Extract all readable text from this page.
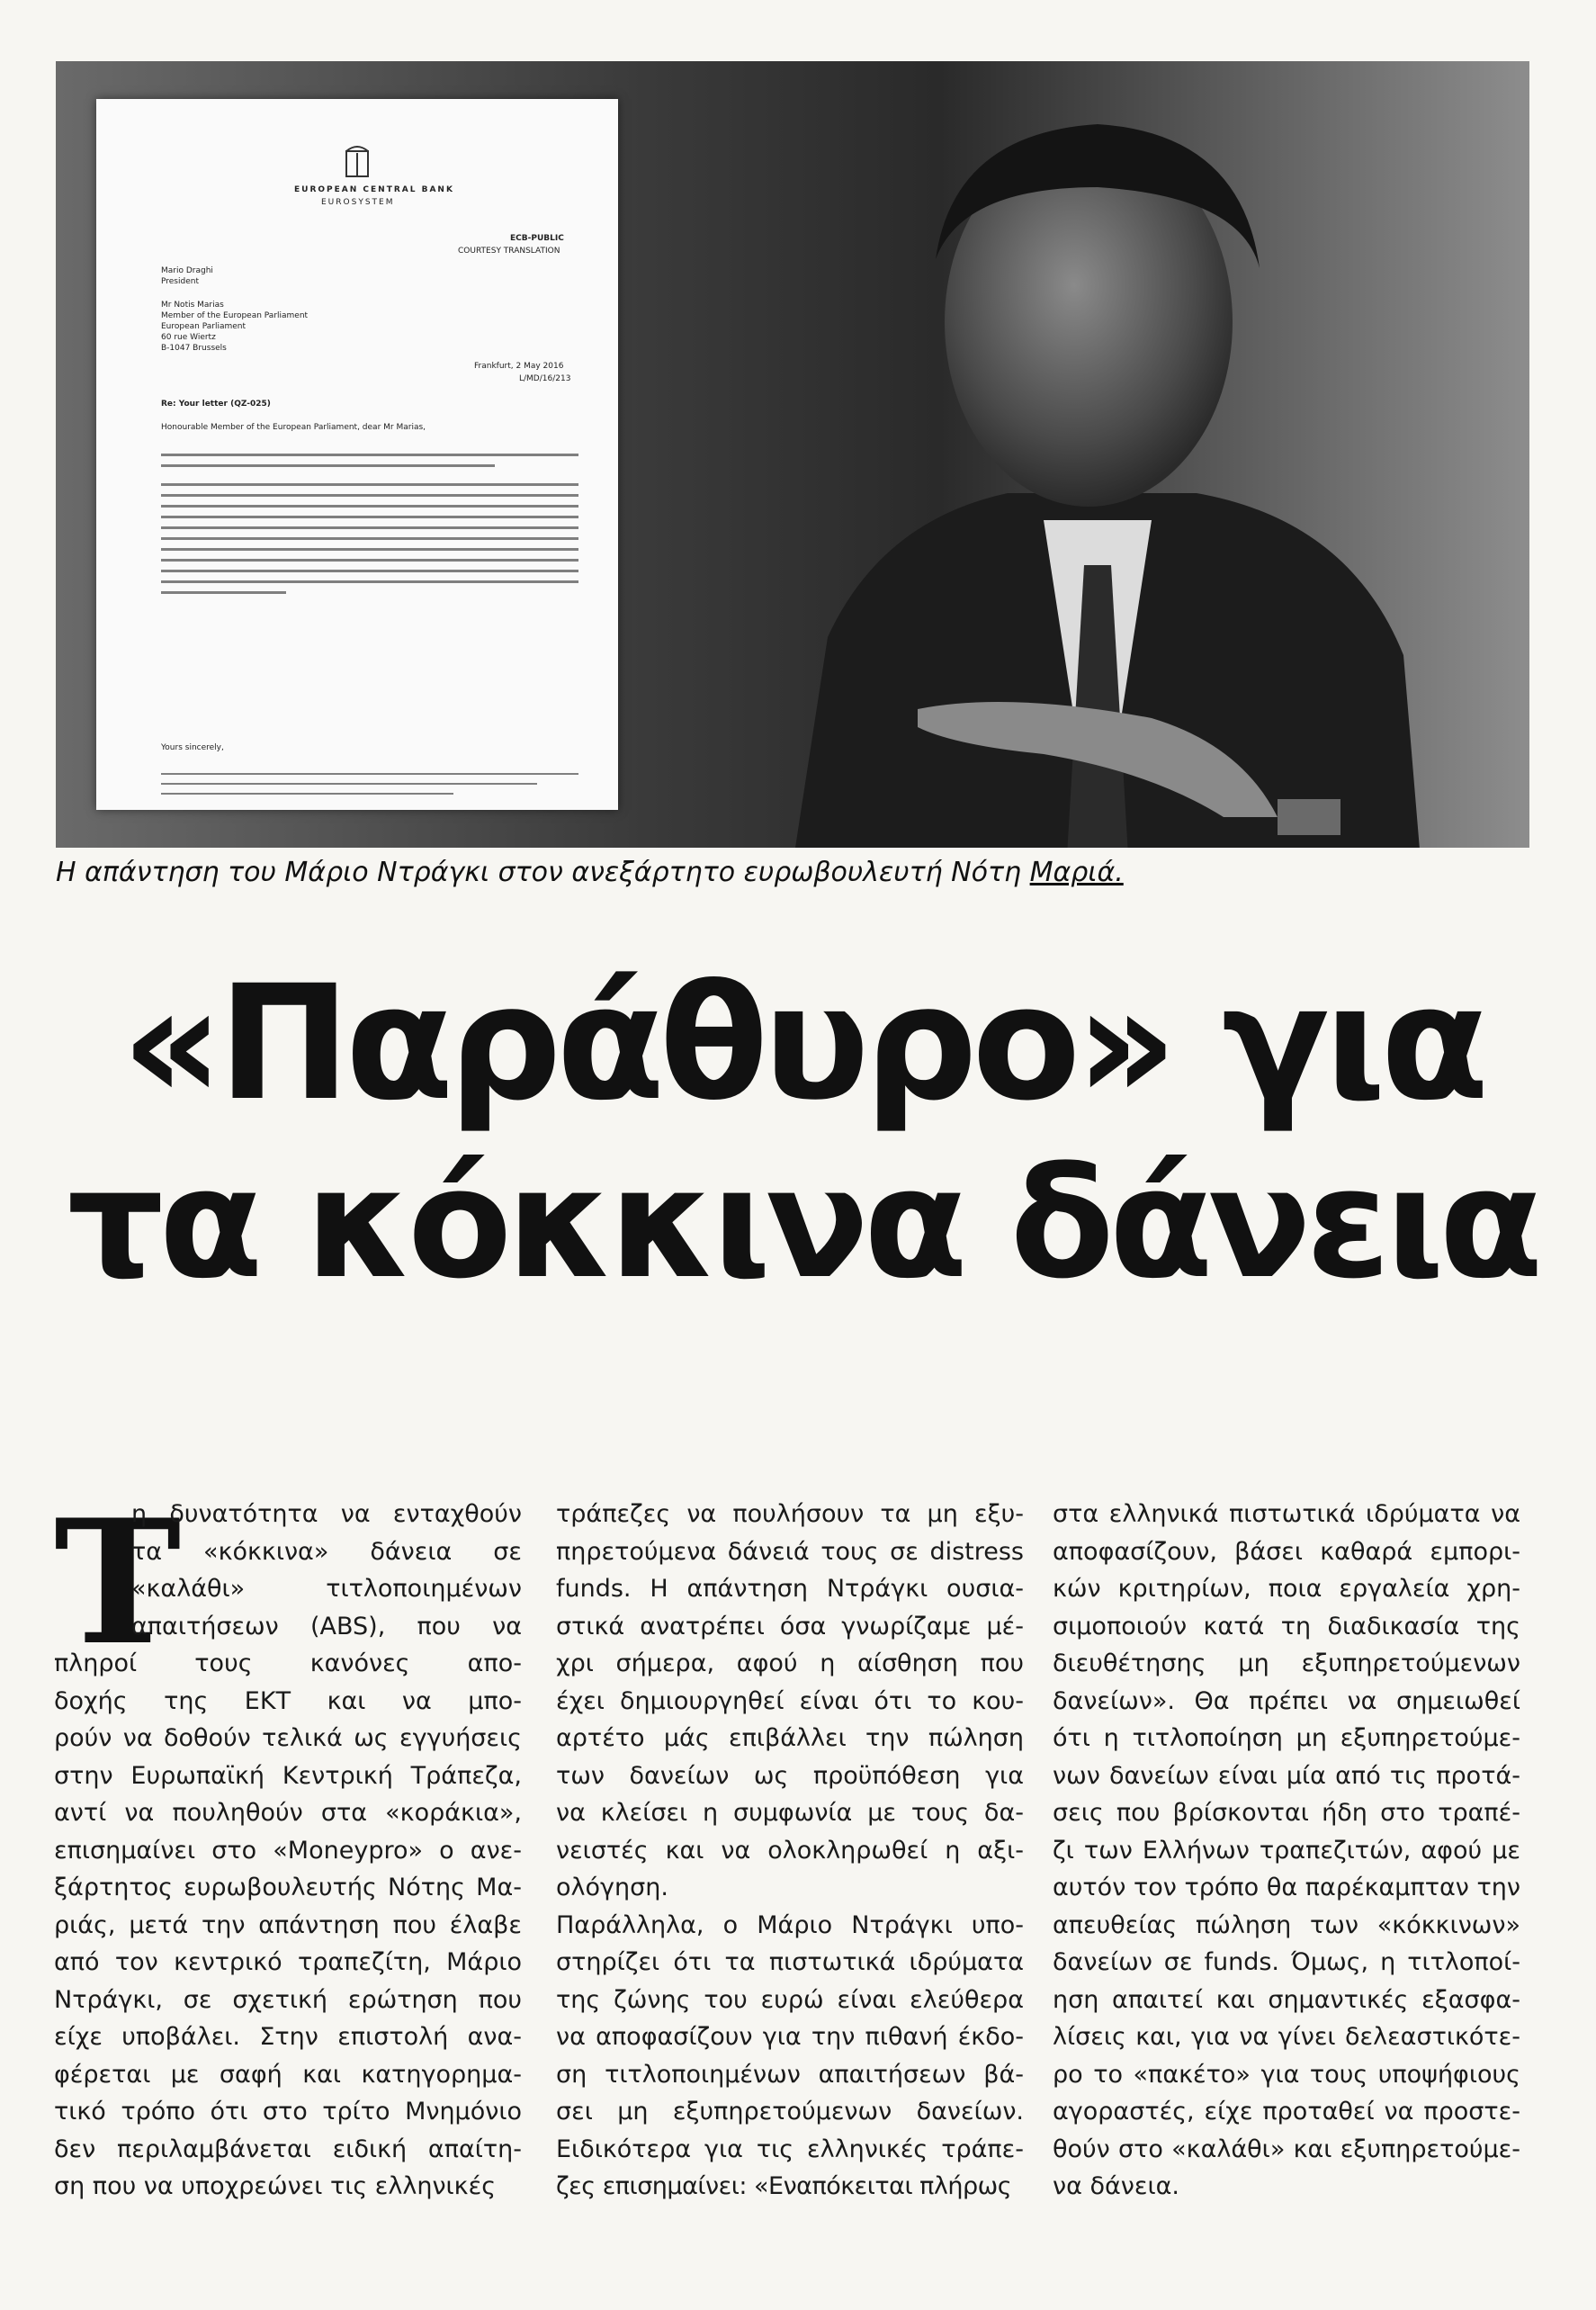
EUROPEAN CENTRAL BANK
EUROSYSTEM
ECB-PUBLIC
COURTESY TRANSLATION
Mario Draghi
President
Mr Notis Marias
Member of the European Parliament
European Parliament
60 rue Wiertz
B-1047 Brussels
Frankfurt, 2 May 2016
L/MD/16/213
Re: Your letter (QZ-025)
Honourable Member of the European Parliament, dear Mr Marias,
Yours sincerely,
Η απάντηση του Μάριο Ντράγκι στον ανεξάρτητο ευρωβουλευτή Νότη Μαριά.
«Παράθυρο» για
τα κόκκινα δάνεια
Τ
η δυνατότητα να ενταχθούν
τα «κόκκινα» δάνεια σε
«καλάθι» τιτλοποιημένων
απαιτήσεων (ABS), που να
πληροί τους κανόνες απο-
δοχής της ΕΚΤ και να μπο-
ρούν να δοθούν τελικά ως εγγυήσεις
στην Ευρωπαϊκή Κεντρική Τράπεζα,
αντί να πουληθούν στα «κοράκια»,
επισημαίνει στο «Moneypro» ο ανε-
ξάρτητος ευρωβουλευτής Νότης Μα-
ριάς, μετά την απάντηση που έλαβε
από τον κεντρικό τραπεζίτη, Μάριο
Ντράγκι, σε σχετική ερώτηση που
είχε υποβάλει. Στην επιστολή ανα-
φέρεται με σαφή και κατηγορημα-
τικό τρόπο ότι στο τρίτο Μνημόνιο
δεν περιλαμβάνεται ειδική απαίτη-
ση που να υποχρεώνει τις ελληνικές
τράπεζες να πουλήσουν τα μη εξυ-
πηρετούμενα δάνειά τους σε distress
funds. Η απάντηση Ντράγκι ουσια-
στικά ανατρέπει όσα γνωρίζαμε μέ-
χρι σήμερα, αφού η αίσθηση που
έχει δημιουργηθεί είναι ότι το κου-
αρτέτο μάς επιβάλλει την πώληση
των δανείων ως προϋπόθεση για
να κλείσει η συμφωνία με τους δα-
νειστές και να ολοκληρωθεί η αξι-
ολόγηση.
Παράλληλα, ο Μάριο Ντράγκι υπο-
στηρίζει ότι τα πιστωτικά ιδρύματα
της ζώνης του ευρώ είναι ελεύθερα
να αποφασίζουν για την πιθανή έκδο-
ση τιτλοποιημένων απαιτήσεων βά-
σει μη εξυπηρετούμενων δανείων.
Ειδικότερα για τις ελληνικές τράπε-
ζες επισημαίνει: «Εναπόκειται πλήρως
στα ελληνικά πιστωτικά ιδρύματα να
αποφασίζουν, βάσει καθαρά εμπορι-
κών κριτηρίων, ποια εργαλεία χρη-
σιμοποιούν κατά τη διαδικασία της
διευθέτησης μη εξυπηρετούμενων
δανείων». Θα πρέπει να σημειωθεί
ότι η τιτλοποίηση μη εξυπηρετούμε-
νων δανείων είναι μία από τις προτά-
σεις που βρίσκονται ήδη στο τραπέ-
ζι των Ελλήνων τραπεζιτών, αφού με
αυτόν τον τρόπο θα παρέκαμπταν την
απευθείας πώληση των «κόκκινων»
δανείων σε funds. Όμως, η τιτλοποί-
ηση απαιτεί και σημαντικές εξασφα-
λίσεις και, για να γίνει δελεαστικότε-
ρο το «πακέτο» για τους υποψήφιους
αγοραστές, είχε προταθεί να προστε-
θούν στο «καλάθι» και εξυπηρετούμε-
να δάνεια.
